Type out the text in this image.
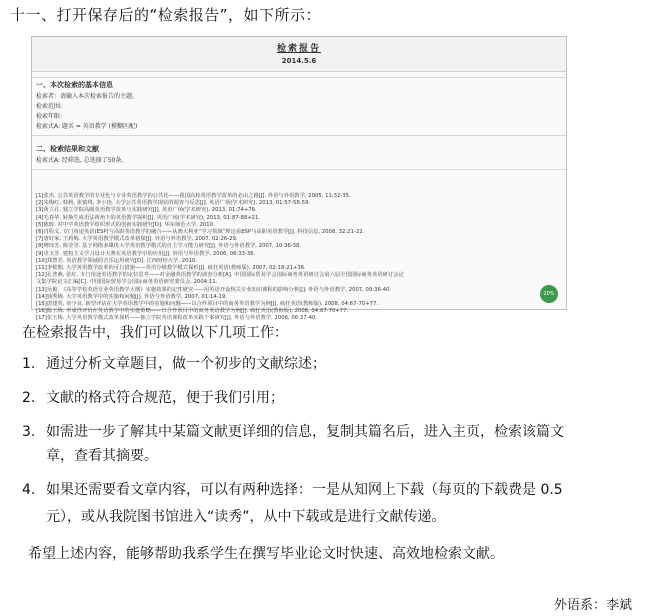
十一、打开保存后的“检索报告”，如下所示：
检索报告
2014.5.6
一、本次检索的基本信息
检索者：请输入本次检索报告的主题。
检索范围:
检索年限:
检索式A: 题名 = 英语教学 (模糊匹配)
二、检索结果和文献
检索式A: 经筛选, 总选择了50条。
[1]张杰. 公共英语教学的专业化与专业英语教学的公共化——我国高校英语教学改革的必由之路[J]. 外语与外语教学, 2005, 11:32-35.
[2]朱梅红, 韩莉, 张慎琪, 李小艳. 大学公共英语教学现状的调查与反思[J]. 英语广场(学术研究), 2013, 01:57-58-59.
[3]黄立孔. 独立学院高级英语教学改革与实践研究[J]. 英语广场(学术研究), 2013, 01:74+76.
[4]毛春华. 转换生成语法视角下的英语教学探析[J]. 英语广场(学术研究), 2013, 01:87-88+21.
[5]陈晖. 对中学英语教学组织形式的创新实践研究[D]. 华东师范大学, 2010.
[6]肖程义. 专门用途英语(ESP)与高职英语教学的融合——从澳大利亚“学习领域”理论看ESP与高职英语教学[J]. 科技信息, 2008, 32:21-22.
[7]唐好家, 王莉梅. 大学英语教学模式改革初探[J]. 外语与外语教学, 2007, 02:26-29.
[8]傅玮芳, 陈莹莹. 基于网络多媒体大学英语教学模式的自主学习能力研究[J]. 外语与外语教学, 2007, 10:36-38.
[9]卓玉芳. 建构主义学习设计大赛在英语教学中的应用[J]. 外语与外语教学, 2006, 06:33-36.
[10]郑慧芳. 英语教学领域的音乐运用研究[D]. 江西财经大学, 2010.
[11]李攸朝. 大学英语教学改革的可行措施——英语分级教学模式探析[J]. 疯狂英语(教师版), 2007, 02:18-21+36.
[12]孔普燕, 张红. 专门用途英语教学的定位思考——对金融英语教学的调查分析[A]. 中国国际贸易学会国际商务英语研讨会第六届全国国际商务英语研讨会论
文集学院论文汇编[C]. 中国国际贸易学会国际商务英语研究委员会, 2004:11.
[13]吴俊. 《高等学校英语专业英语教学大纲》实施效果的定性研究——用英语开设相关专业知识课程的影响分析[J]. 外语与外语教学, 2007, 09:36-40.
[14]钱秀梅. 大学英语教学中的实施和问题[J]. 外语与外语教学, 2007, 01:14-19.
[15]唐建英, 章少良. 新型评估在大学英语教学中的实施和问题——以合作项目中的商务英语教学为例[J]. 疯狂英语(教师版), 2008, 04:67-70+77.
[16]陈玉梅. 形成性评价在英语教学中的实施策略——以合作项目中的商务英语教学为例[J]. 疯狂英语(教师版), 2008, 04:67-70+77.
[17]张玉梅. 大学英语教学模式改革探析——独立学院英语课程改革实践个案研究[J]. 外语与外语教学, 2006, 06:37-40.
20%
在检索报告中，我们可以做以下几项工作：
1. 通过分析文章题目，做一个初步的文献综述；
2. 文献的格式符合规范，便于我们引用；
3. 如需进一步了解其中某篇文献更详细的信息，复制其篇名后，进入主页，检索该篇文
章，查看其摘要。
4. 如果还需要看文章内容，可以有两种选择：一是从知网上下载（每页的下载费是 0.5
元），或从我院图书馆进入“读秀”，从中下载或是进行文献传递。
希望上述内容，能够帮助我系学生在撰写毕业论文时快速、高效地检索文献。
外语系：李斌
